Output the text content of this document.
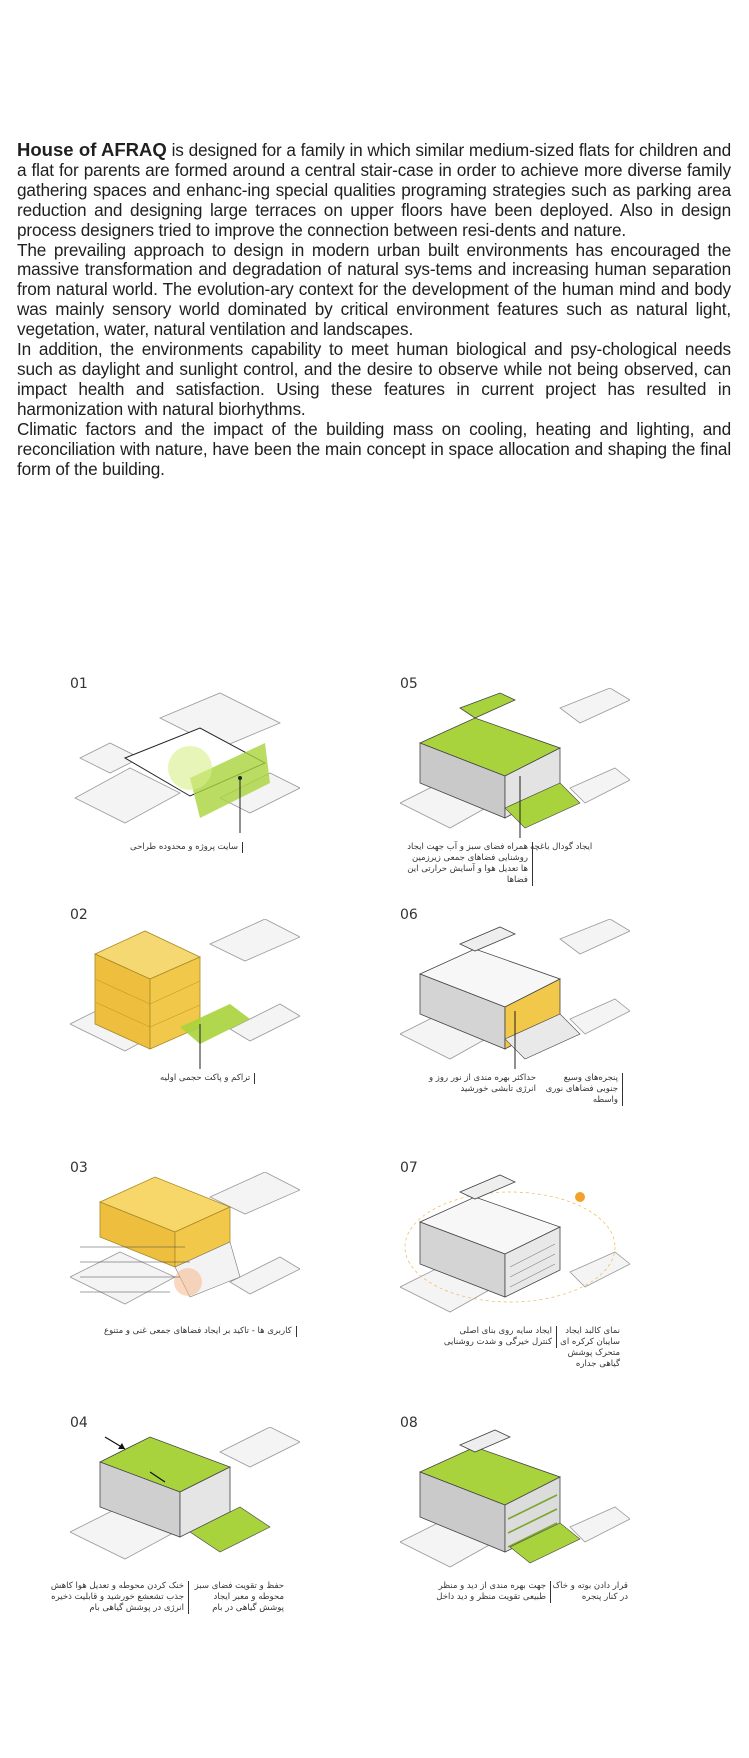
House of AFRAQ is designed for a family in which similar medium-sized flats for children and a flat for parents are formed around a central stair-case in order to achieve more diverse family gathering spaces and enhanc-ing special qualities programing strategies such as parking area reduction and designing large terraces on upper floors have been deployed. Also in design process designers tried to improve the connection between resi-dents and nature.

The prevailing approach to design in modern urban built environments has encouraged the massive transformation and degradation of natural sys-tems and increasing human separation from natural world. The evolution-ary context for the development of the human mind and body was mainly sensory world dominated by critical environment features such as natural light, vegetation, water, natural ventilation and landscapes.

In addition, the environments capability to meet human biological and psy-chological needs such as daylight and sunlight control, and the desire to observe while not being observed, can impact health and satisfaction. Using these features in current project has resulted in harmonization with natural biorhythms.

Climatic factors and the impact of the building mass on cooling, heating and lighting, and reconciliation with nature, have been the main concept in space allocation and shaping the final form of the building.

01
سایت پروژه و محدوده طراحی
05
ایجاد گودال باغچه
همراه فضای سبز و آب جهت ایجاد روشنایی فضاهای جمعی زیرزمین ها تعدیل هوا و آسایش حرارتی این فضاها
02
تراکم و پاکت حجمی اولیه
06
پنجره‌های وسیع جنوبی فضاهای نوری واسطه
حداکثر بهره مندی از نور روز و انرژی تابشی خورشید
03
کاربری ها - تاکید بر ایجاد فضاهای جمعی غنی و متنوع
07
نمای کالبد ایجاد سایبان کرکره ای متحرک پوشش گیاهی جداره
ایجاد سایه روی بنای اصلی کنترل خیرگی و شدت روشنایی
04
حفظ و تقویت فضای سبز محوطه و معبر ایجاد پوشش گیاهی در بام
خنک کردن محوطه و تعدیل هوا کاهش جذب تشعشع خورشید و قابلیت ذخیره انرژی در پوشش گیاهی بام
08
قرار دادن بوته و خاک در کنار پنجره
جهت بهره مندی از دید و منظر طبیعی تقویت منظر و دید داخل
